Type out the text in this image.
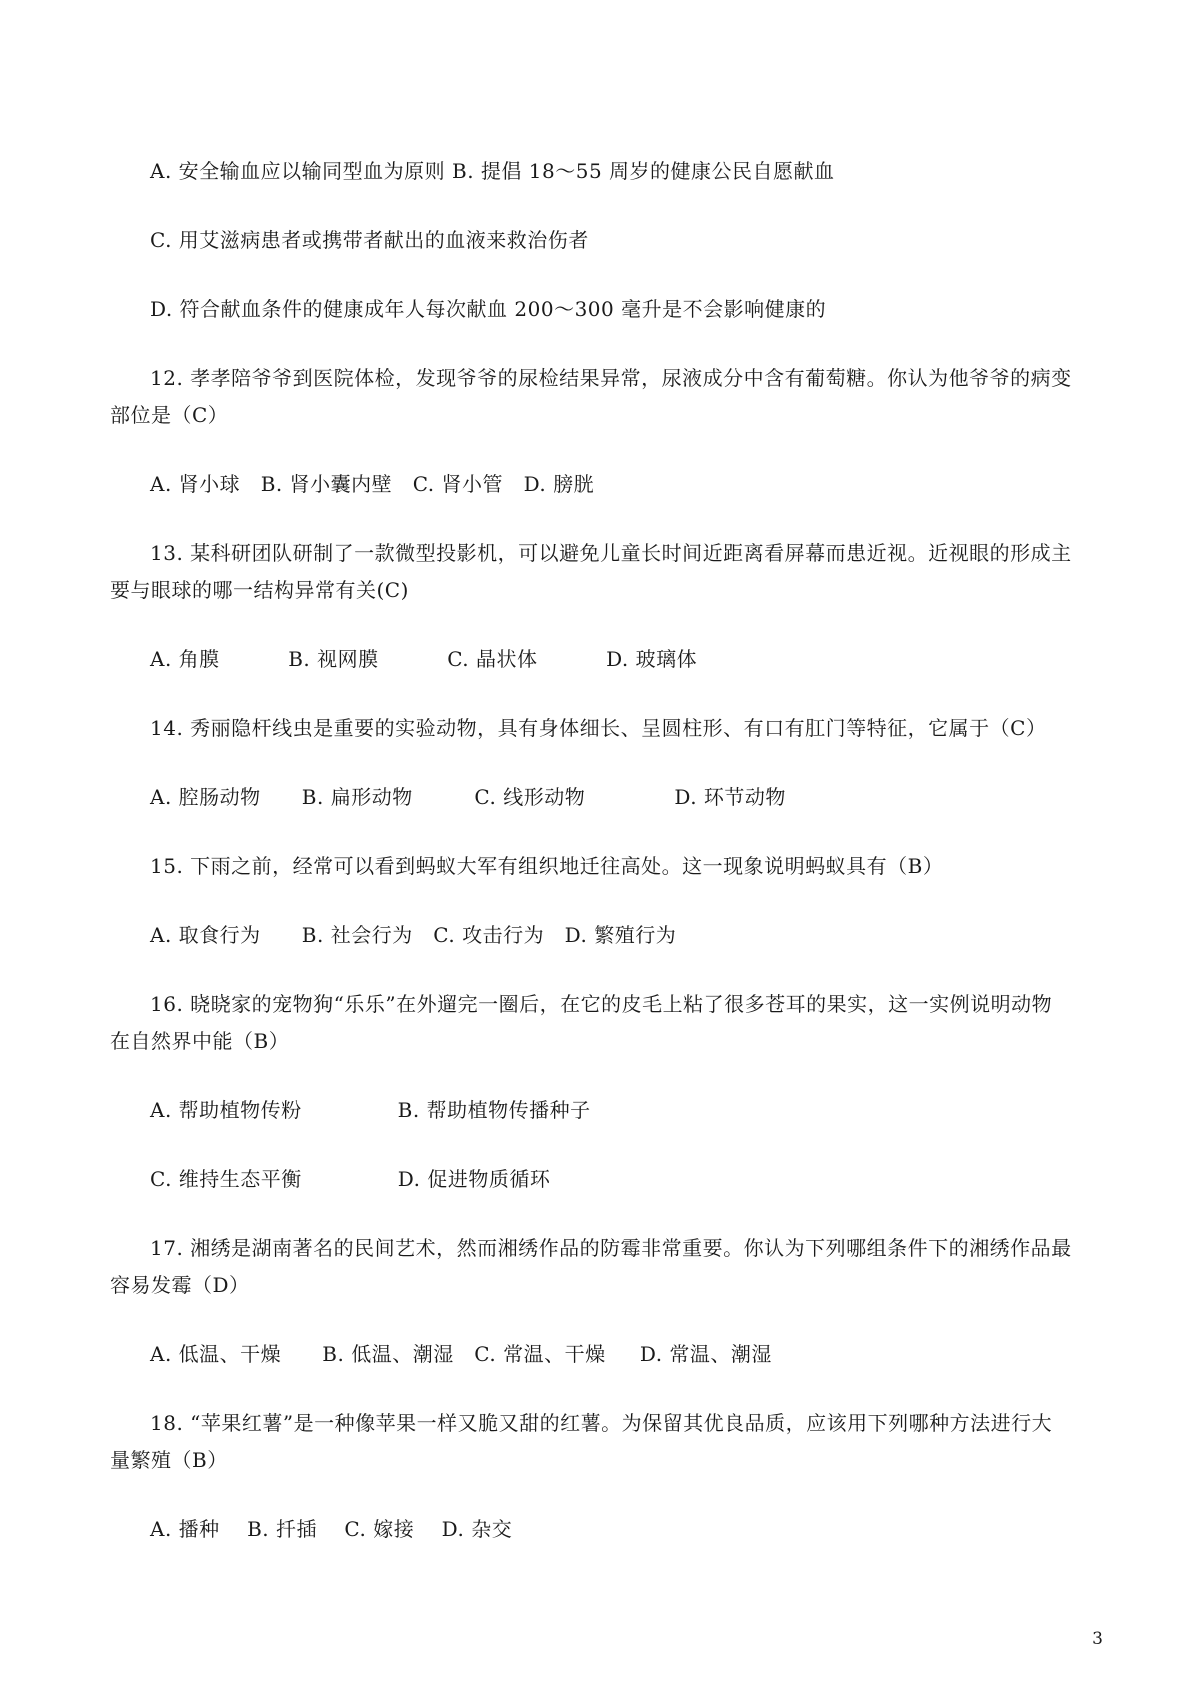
A. 安全输血应以输同型血为原则 B. 提倡 18～55 周岁的健康公民自愿献血
C. 用艾滋病患者或携带者献出的血液来救治伤者
D. 符合献血条件的健康成年人每次献血 200～300 毫升是不会影响健康的
12. 孝孝陪爷爷到医院体检，发现爷爷的尿检结果异常，尿液成分中含有葡萄糖。你认为他爷爷的病变
部位是（C）
A. 肾小球   B. 肾小囊内壁   C. 肾小管   D. 膀胱
13. 某科研团队研制了一款微型投影机，可以避免儿童长时间近距离看屏幕而患近视。近视眼的形成主
要与眼球的哪一结构异常有关(C)
A. 角膜          B. 视网膜          C. 晶状体          D. 玻璃体
14. 秀丽隐杆线虫是重要的实验动物，具有身体细长、呈圆柱形、有口有肛门等特征，它属于（C）
A. 腔肠动物      B. 扁形动物         C. 线形动物             D. 环节动物
15. 下雨之前，经常可以看到蚂蚁大军有组织地迁往高处。这一现象说明蚂蚁具有（B）
A. 取食行为      B. 社会行为   C. 攻击行为   D. 繁殖行为
16. 晓晓家的宠物狗“乐乐”在外遛完一圈后，在它的皮毛上粘了很多苍耳的果实，这一实例说明动物
在自然界中能（B）
A. 帮助植物传粉              B. 帮助植物传播种子
C. 维持生态平衡              D. 促进物质循环
17. 湘绣是湖南著名的民间艺术，然而湘绣作品的防霉非常重要。你认为下列哪组条件下的湘绣作品最
容易发霉（D）
A. 低温、干燥      B. 低温、潮湿   C. 常温、干燥     D. 常温、潮湿
18. “苹果红薯”是一种像苹果一样又脆又甜的红薯。为保留其优良品质，应该用下列哪种方法进行大
量繁殖（B）
A. 播种    B. 扦插    C. 嫁接    D. 杂交
3
